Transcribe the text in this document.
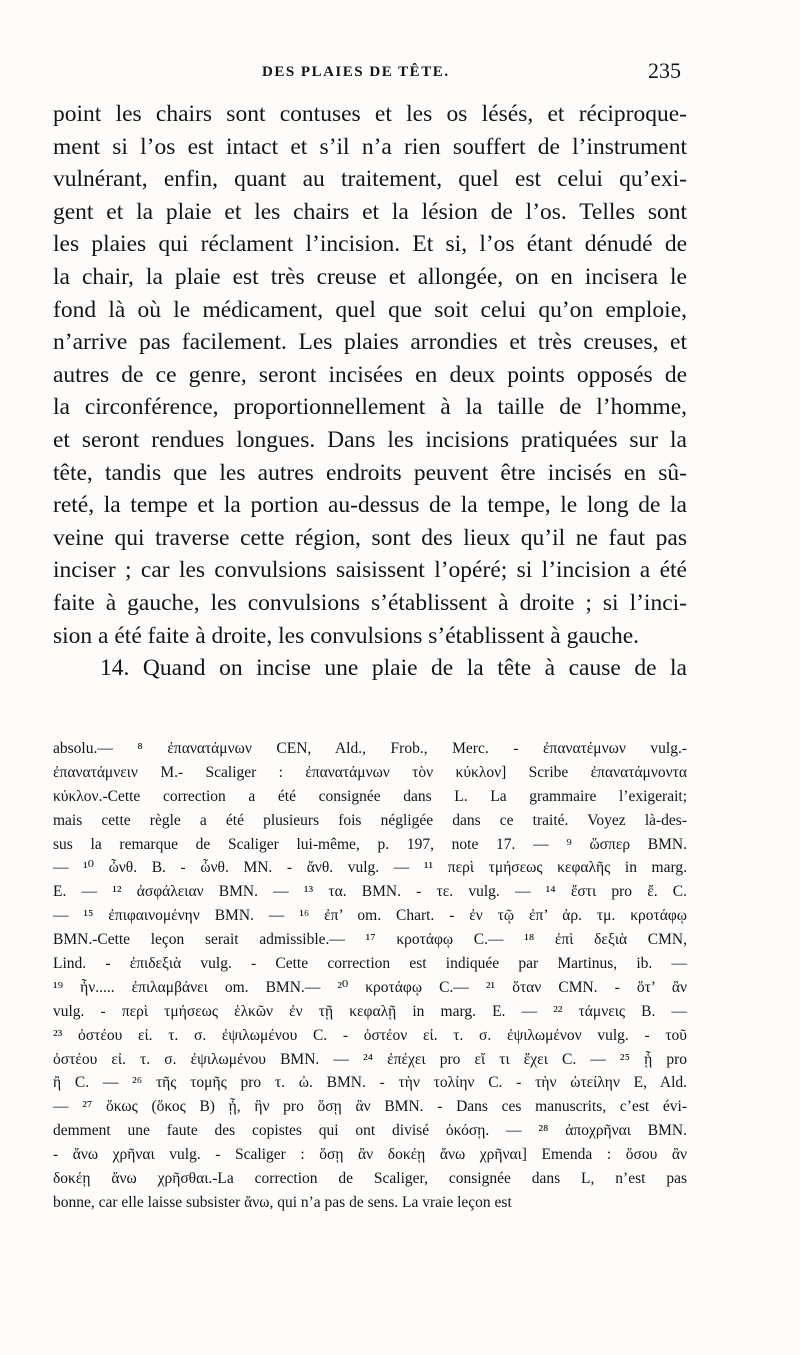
DES PLAIES DE TÊTE.	235
point les chairs sont contuses et les os lésés, et réciproque-
ment si l’os est intact et s’il n’a rien souffert de l’instrument
vulnérant, enfin, quant au traitement, quel est celui qu’exi-
gent et la plaie et les chairs et la lésion de l’os. Telles sont
les plaies qui réclament l’incision. Et si, l’os étant dénudé de
la chair, la plaie est très creuse et allongée, on en incisera le
fond là où le médicament, quel que soit celui qu’on emploie,
n’arrive pas facilement. Les plaies arrondies et très creuses, et
autres de ce genre, seront incisées en deux points opposés de
la circonférence, proportionnellement à la taille de l’homme,
et seront rendues longues. Dans les incisions pratiquées sur la
tête, tandis que les autres endroits peuvent être incisés en sû-
reté, la tempe et la portion au-dessus de la tempe, le long de la
veine qui traverse cette région, sont des lieux qu’il ne faut pas
inciser ; car les convulsions saisissent l’opéré; si l’incision a été
faite à gauche, les convulsions s’établissent à droite ; si l’inci-
sion a été faite à droite, les convulsions s’établissent à gauche.
14. Quand on incise une plaie de la tête à cause de la
absolu.— ⁸ ἐπανατάμνων CEN, Ald., Frob., Merc. - ἐπανατέμνων vulg.-
ἐπανατάμνειν M.- Scaliger : ἐπανατάμνων τὸν κύκλον] Scribe ἐπανατάμνοντα
κύκλον.-Cette correction a été consignée dans L. La grammaire l’exigerait;
mais cette règle a été plusieurs fois négligée dans ce traité. Voyez là-des-
sus la remarque de Scaliger lui-même, p. 197, note 17. — ⁹ ὥσπερ BMN.
— ¹⁰ ὦνθ. B. - ὦνθ. MN. - ἄνθ. vulg. — ¹¹ περὶ τμήσεως κεφαλῆς in marg.
E. — ¹² ἀσφάλειαν BMN. — ¹³ τα. BMN. - τε. vulg. — ¹⁴ ἔστι pro ἔ. C.
— ¹⁵ ἐπιφαινομένην BMN. — ¹⁶ ἐπ’ om. Chart. - ἐν τῷ ἐπ’ ἀρ. τμ. κροτάφῳ
BMN.-Cette leçon serait admissible.— ¹⁷ κροτάφῳ C.— ¹⁸ ἐπὶ δεξιὰ CMN,
Lind. - ἐπιδεξιὰ vulg. - Cette correction est indiquée par Martinus, ib. —
¹⁹ ἦν..... ἐπιλαμβάνει om. BMN.— ²⁰ κροτάφῳ C.— ²¹ ὅταν CMN. - ὅτ’ ἂν
vulg. - περὶ τμήσεως ἑλκῶν ἐν τῇ κεφαλῇ in marg. E. — ²² τάμνεις B. —
²³ ὀστέου εἰ. τ. σ. ἐψιλωμένου C. - ὀστέον εἰ. τ. σ. ἐψιλωμένον vulg. - τοῦ
ὀστέου εἰ. τ. σ. ἐψιλωμένου BMN. — ²⁴ ἐπέχει pro εἴ τι ἔχει C. — ²⁵ ᾗ pro
ἢ C. — ²⁶ τῆς τομῆς pro τ. ὠ. BMN. - τὴν τολίην C. - τὴν ὠτείλην E, Ald.
— ²⁷ ὅκως (ὅκος B) ᾗ, ἣν pro ὅσῃ ἂν BMN. - Dans ces manuscrits, c’est évi-
demment une faute des copistes qui ont divisé ὁκόσῃ. — ²⁸ ἀποχρῆναι BMN.
- ἄνω χρῆναι vulg. - Scaliger : ὅσῃ ἂν δοκέῃ ἄνω χρῆναι] Emenda : ὅσου ἂν
δοκέῃ ἄνω χρῆσθαι.-La correction de Scaliger, consignée dans L, n’est pas
bonne, car elle laisse subsister ἄνω, qui n’a pas de sens. La vraie leçon est
